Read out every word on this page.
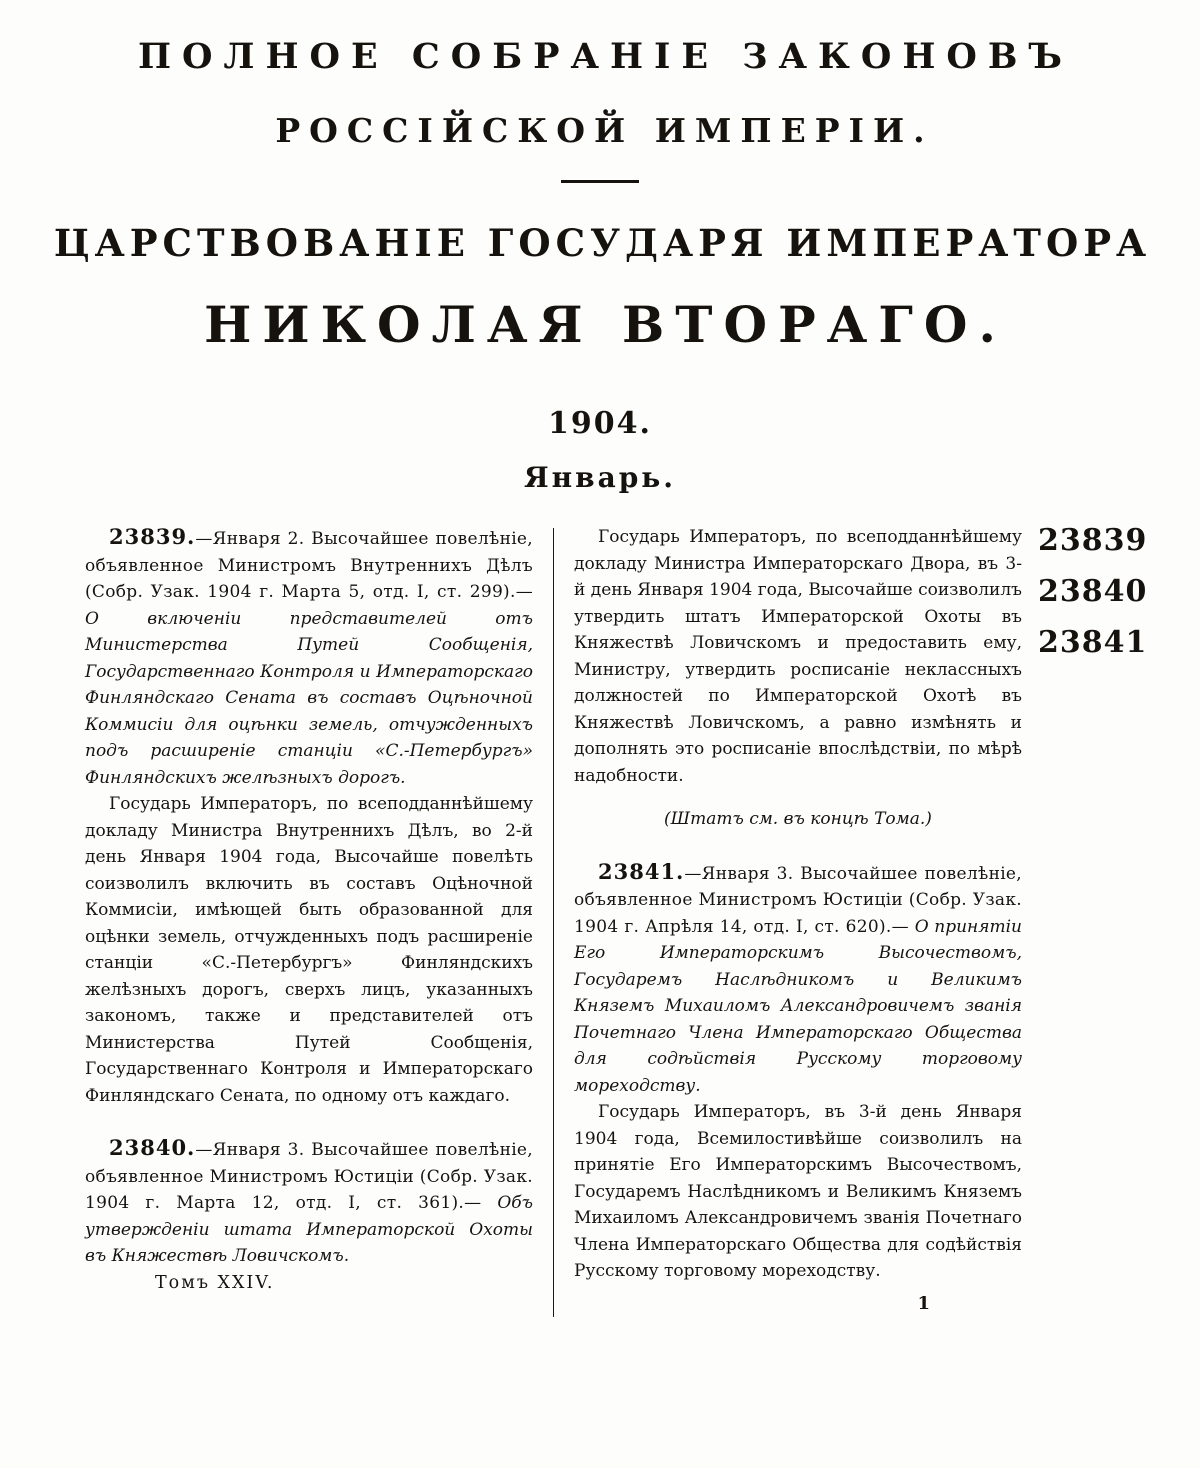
ПОЛНОЕ СОБРАНІЕ ЗАКОНОВЪ
РОССІЙСКОЙ ИМПЕРІИ.
ЦАРСТВОВАНІЕ ГОСУДАРЯ ИМПЕРАТОРА
НИКОЛАЯ ВТОРАГО.
1904.
Январь.

23839.—Января 2. Высочайшее повелѣніе, объявленное Министромъ Внутреннихъ Дѣлъ (Собр. Узак. 1904 г. Марта 5, отд. I, ст. 299).— О включеніи представителей отъ Министерства Путей Сообщенія, Государственнаго Контроля и Императорскаго Финляндскаго Сената въ составъ Оцѣночной Коммисіи для оцѣнки земель, отчужденныхъ подъ расширеніе станціи «С.-Петербургъ» Финляндскихъ желѣзныхъ дорогъ.

Государь Императоръ, по всеподданнѣйшему докладу Министра Внутреннихъ Дѣлъ, во 2-й день Января 1904 года, Высочайше повелѣть соизволилъ включить въ составъ Оцѣночной Коммисіи, имѣющей быть образованной для оцѣнки земель, отчужденныхъ подъ расширеніе станціи «С.-Петербургъ» Финляндскихъ желѣзныхъ дорогъ, сверхъ лицъ, указанныхъ закономъ, также и представителей отъ Министерства Путей Сообщенія, Государственнаго Контроля и Императорскаго Финляндскаго Сената, по одному отъ каждаго.

23840.—Января 3. Высочайшее повелѣніе, объявленное Министромъ Юстиціи (Собр. Узак. 1904 г. Марта 12, отд. I, ст. 361).— Объ утвержденіи штата Императорской Охоты въ Княжествѣ Ловичскомъ.

Томъ XXIV.

Государь Императоръ, по всеподданнѣйшему докладу Министра Императорскаго Двора, въ 3-й день Января 1904 года, Высочайше соизволилъ утвердить штатъ Императорской Охоты въ Княжествѣ Ловичскомъ и предоставить ему, Министру, утвердить росписаніе неклассныхъ должностей по Императорской Охотѣ въ Княжествѣ Ловичскомъ, а равно измѣнять и дополнять это росписаніе впослѣдствіи, по мѣрѣ надобности.

(Штатъ см. въ концѣ Тома.)

23841.—Января 3. Высочайшее повелѣніе, объявленное Министромъ Юстиціи (Собр. Узак. 1904 г. Апрѣля 14, отд. I, ст. 620).— О принятіи Его Императорскимъ Высочествомъ, Государемъ Наслѣдникомъ и Великимъ Княземъ Михаиломъ Александровичемъ званія Почетнаго Члена Императорскаго Общества для содѣйствія Русскому торговому мореходству.

Государь Императоръ, въ 3-й день Января 1904 года, Всемилостивѣйше соизволилъ на принятіе Его Императорскимъ Высочествомъ, Государемъ Наслѣдникомъ и Великимъ Княземъ Михаиломъ Александровичемъ званія Почетнаго Члена Императорскаго Общества для содѣйствія Русскому торговому мореходству.

1

23839
23840
23841
